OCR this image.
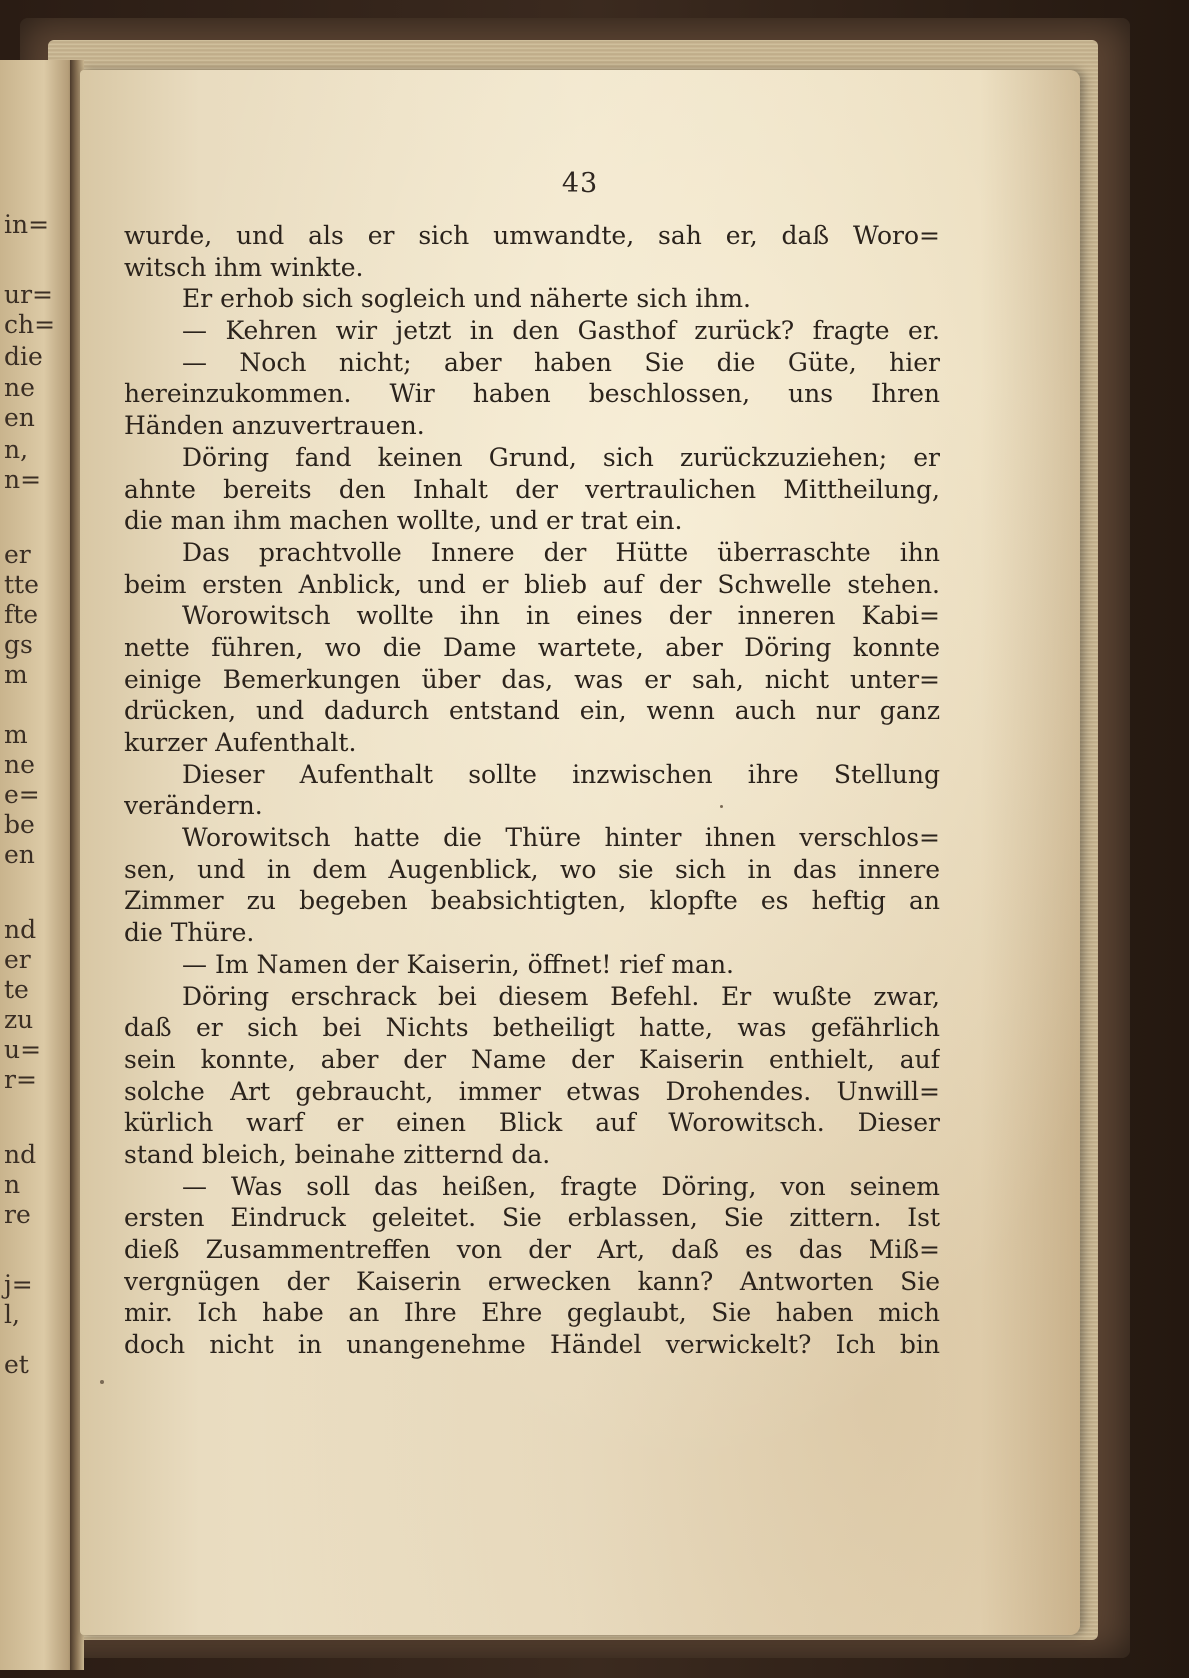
in=
ur=
ch=
die
ne
en
n,
n=
er
tte
fte
gs
m
m
ne
e=
be
en
nd
er
te
zu
u=
r=
nd
n
re
j=
l,
et
43
wurde, und als er sich umwandte, sah er, daß Woro=
witsch ihm winkte.
Er erhob sich sogleich und näherte sich ihm.
— Kehren wir jetzt in den Gasthof zurück? fragte er.
— Noch nicht; aber haben Sie die Güte, hier
hereinzukommen. Wir haben beschlossen, uns Ihren
Händen anzuvertrauen.
Döring fand keinen Grund, sich zurückzuziehen; er
ahnte bereits den Inhalt der vertraulichen Mittheilung,
die man ihm machen wollte, und er trat ein.
Das prachtvolle Innere der Hütte überraschte ihn
beim ersten Anblick, und er blieb auf der Schwelle stehen.
Worowitsch wollte ihn in eines der inneren Kabi=
nette führen, wo die Dame wartete, aber Döring konnte
einige Bemerkungen über das, was er sah, nicht unter=
drücken, und dadurch entstand ein, wenn auch nur ganz
kurzer Aufenthalt.
Dieser Aufenthalt sollte inzwischen ihre Stellung
verändern.
Worowitsch hatte die Thüre hinter ihnen verschlos=
sen, und in dem Augenblick, wo sie sich in das innere
Zimmer zu begeben beabsichtigten, klopfte es heftig an
die Thüre.
— Im Namen der Kaiserin, öffnet! rief man.
Döring erschrack bei diesem Befehl. Er wußte zwar,
daß er sich bei Nichts betheiligt hatte, was gefährlich
sein konnte, aber der Name der Kaiserin enthielt, auf
solche Art gebraucht, immer etwas Drohendes. Unwill=
kürlich warf er einen Blick auf Worowitsch. Dieser
stand bleich, beinahe zitternd da.
— Was soll das heißen, fragte Döring, von seinem
ersten Eindruck geleitet. Sie erblassen, Sie zittern. Ist
dieß Zusammentreffen von der Art, daß es das Miß=
vergnügen der Kaiserin erwecken kann? Antworten Sie
mir. Ich habe an Ihre Ehre geglaubt, Sie haben mich
doch nicht in unangenehme Händel verwickelt? Ich bin
